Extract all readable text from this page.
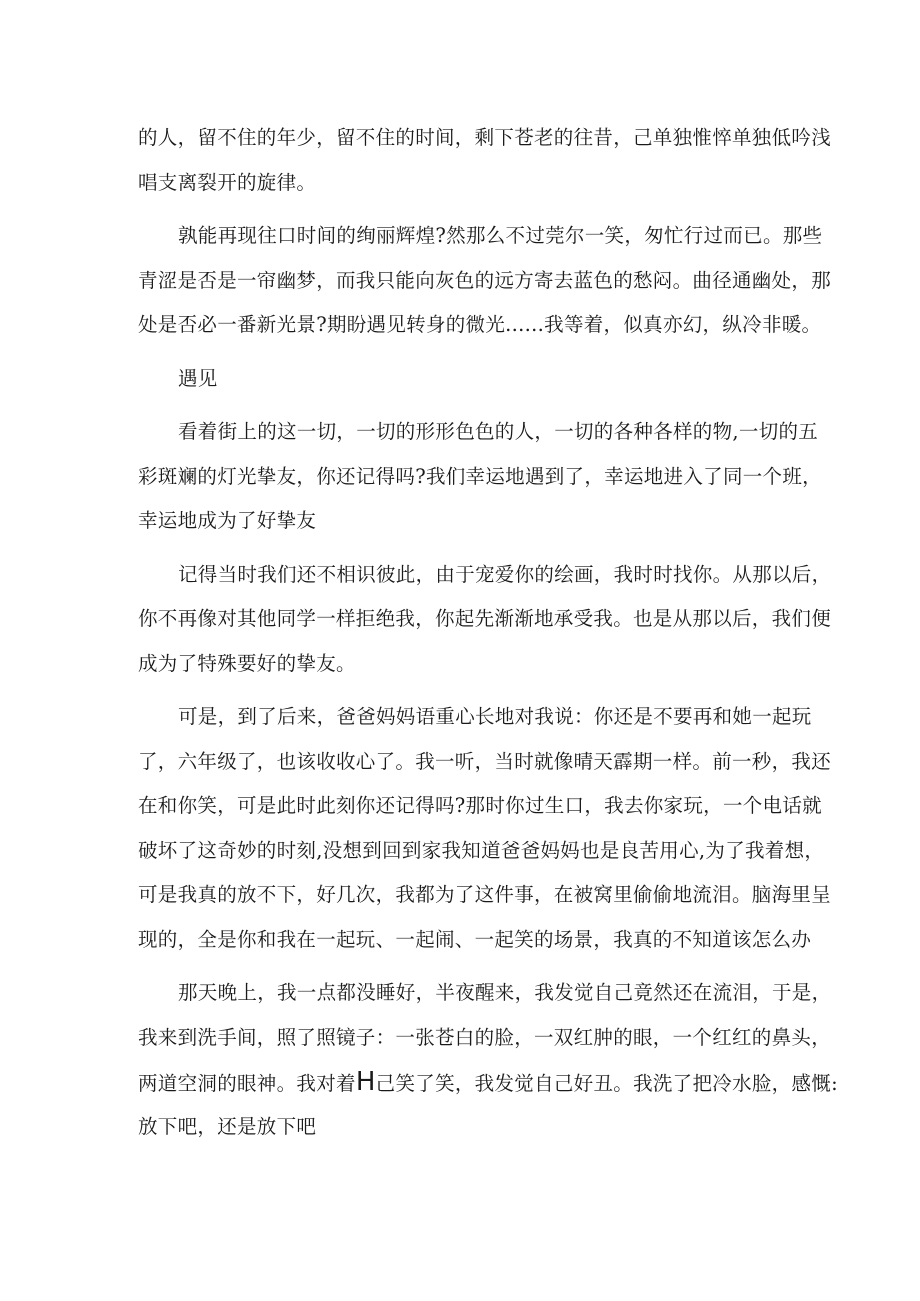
的人，留不住的年少，留不住的时间，剩下苍老的往昔，己单独惟悴单独低吟浅
唱支离裂开的旋律。
孰能再现往口时间的绚丽辉煌?然那么不过莞尔一笑，匆忙行过而已。那些
青涩是否是一帘幽梦，而我只能向灰色的远方寄去蓝色的愁闷。曲径通幽处，那
处是否必一番新光景?期盼遇见转身的微光......我等着，似真亦幻，纵冷非暖。
遇见
看着街上的这一切，一切的形形色色的人，一切的各种各样的物,一切的五
彩斑斓的灯光挚友，你还记得吗?我们幸运地遇到了，幸运地进入了同一个班，
幸运地成为了好挚友
记得当时我们还不相识彼此，由于宠爱你的绘画，我时时找你。从那以后，
你不再像对其他同学一样拒绝我，你起先渐渐地承受我。也是从那以后，我们便
成为了特殊要好的挚友。
可是，到了后来，爸爸妈妈语重心长地对我说：你还是不要再和她一起玩
了，六年级了，也该收收心了。我一听，当时就像晴天霹期一样。前一秒，我还
在和你笑，可是此时此刻你还记得吗?那时你过生口，我去你家玩，一个电话就
破坏了这奇妙的时刻,没想到回到家我知道爸爸妈妈也是良苦用心,为了我着想，
可是我真的放不下，好几次，我都为了这件事，在被窝里偷偷地流泪。脑海里呈
现的，全是你和我在一起玩、一起闹、一起笑的场景，我真的不知道该怎么办
那天晚上，我一点都没睡好，半夜醒来，我发觉自己竟然还在流泪，于是，
我来到洗手间，照了照镜子：一张苍白的脸，一双红肿的眼，一个红红的鼻头，
两道空洞的眼神。我对着H己笑了笑，我发觉自己好丑。我洗了把冷水脸，感慨:
放下吧，还是放下吧
